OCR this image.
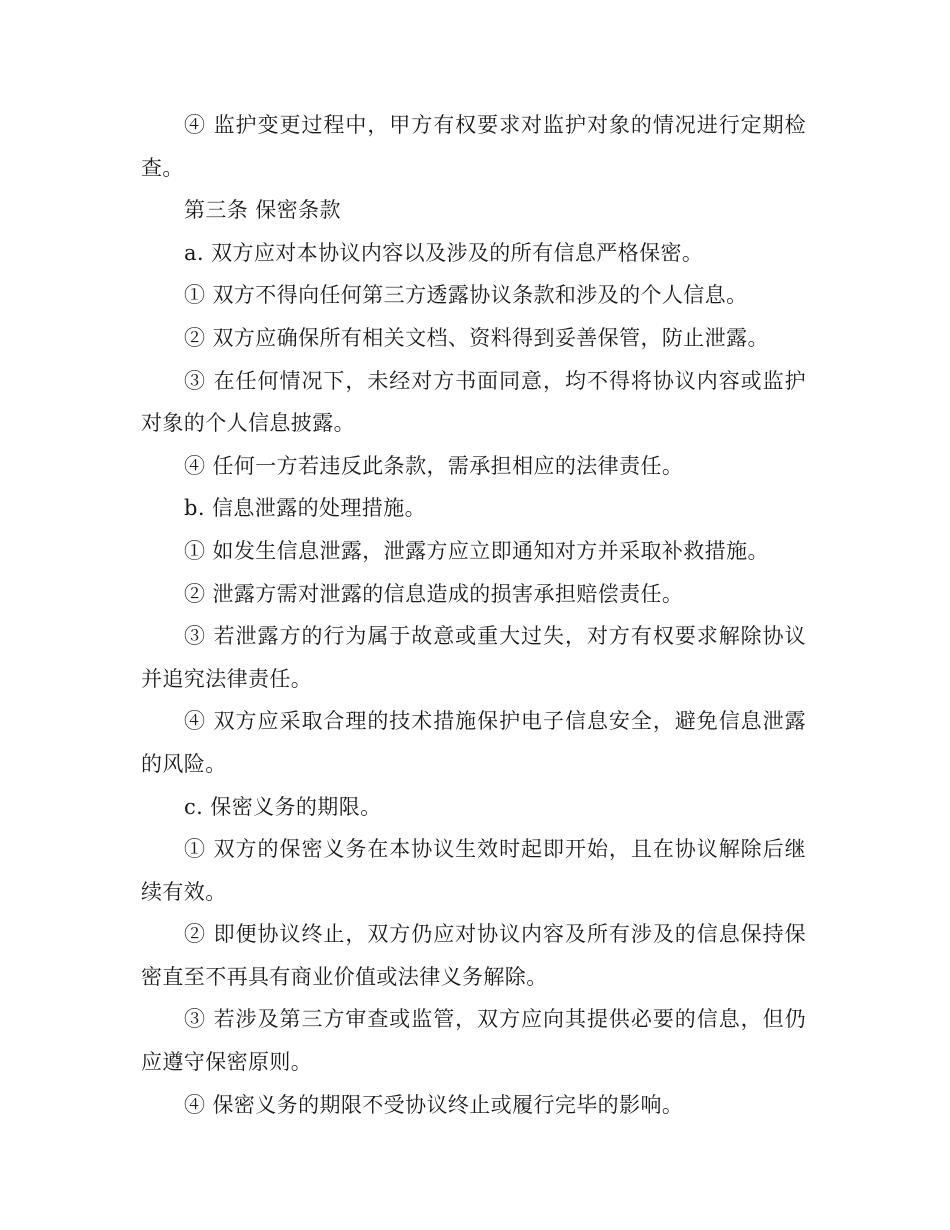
④ 监护变更过程中，甲方有权要求对监护对象的情况进行定期检查。

第三条 保密条款

a. 双方应对本协议内容以及涉及的所有信息严格保密。

① 双方不得向任何第三方透露协议条款和涉及的个人信息。

② 双方应确保所有相关文档、资料得到妥善保管，防止泄露。

③ 在任何情况下，未经对方书面同意，均不得将协议内容或监护对象的个人信息披露。

④ 任何一方若违反此条款，需承担相应的法律责任。

b. 信息泄露的处理措施。

① 如发生信息泄露，泄露方应立即通知对方并采取补救措施。

② 泄露方需对泄露的信息造成的损害承担赔偿责任。

③ 若泄露方的行为属于故意或重大过失，对方有权要求解除协议并追究法律责任。

④ 双方应采取合理的技术措施保护电子信息安全，避免信息泄露的风险。

c. 保密义务的期限。

① 双方的保密义务在本协议生效时起即开始，且在协议解除后继续有效。

② 即便协议终止，双方仍应对协议内容及所有涉及的信息保持保密直至不再具有商业价值或法律义务解除。

③ 若涉及第三方审查或监管，双方应向其提供必要的信息，但仍应遵守保密原则。

④ 保密义务的期限不受协议终止或履行完毕的影响。
